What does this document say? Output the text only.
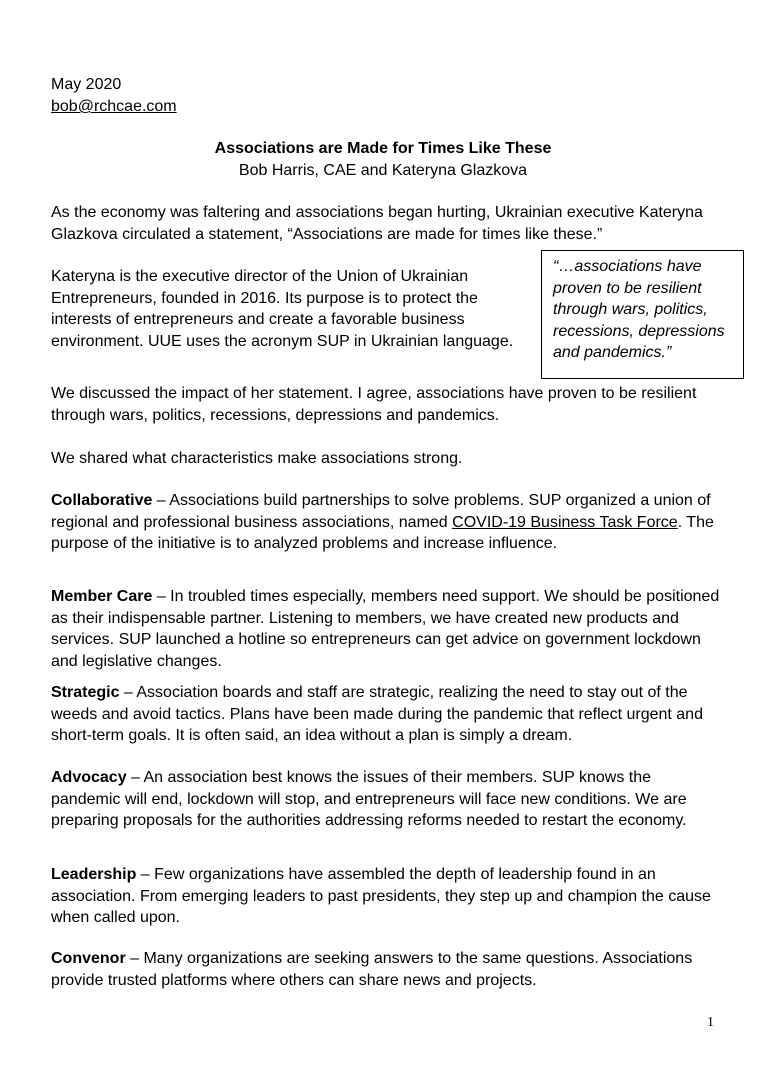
May 2020
bob@rchcae.com
Associations are Made for Times Like These
Bob Harris, CAE and Kateryna Glazkova

As the economy was faltering and associations began hurting, Ukrainian executive Kateryna Glazkova circulated a statement, “Associations are made for times like these.”

Kateryna is the executive director of the Union of Ukrainian Entrepreneurs, founded in 2016. Its purpose is to protect the interests of entrepreneurs and create a favorable business environment. UUE uses the acronym SUP in Ukrainian language.

“…associations have proven to be resilient through wars, politics, recessions, depressions and pandemics.”

We discussed the impact of her statement. I agree, associations have proven to be resilient through wars, politics, recessions, depressions and pandemics.

We shared what characteristics make associations strong.

Collaborative – Associations build partnerships to solve problems. SUP organized a union of regional and professional business associations, named COVID-19 Business Task Force. The purpose of the initiative is to analyzed problems and increase influence.

Member Care – In troubled times especially, members need support. We should be positioned as their indispensable partner. Listening to members, we have created new products and services. SUP launched a hotline so entrepreneurs can get advice on government lockdown and legislative changes.

Strategic – Association boards and staff are strategic, realizing the need to stay out of the weeds and avoid tactics. Plans have been made during the pandemic that reflect urgent and short-term goals. It is often said, an idea without a plan is simply a dream.

Advocacy – An association best knows the issues of their members. SUP knows the pandemic will end, lockdown will stop, and entrepreneurs will face new conditions. We are preparing proposals for the authorities addressing reforms needed to restart the economy.

Leadership – Few organizations have assembled the depth of leadership found in an association. From emerging leaders to past presidents, they step up and champion the cause when called upon.

Convenor – Many organizations are seeking answers to the same questions. Associations provide trusted platforms where others can share news and projects.

1
